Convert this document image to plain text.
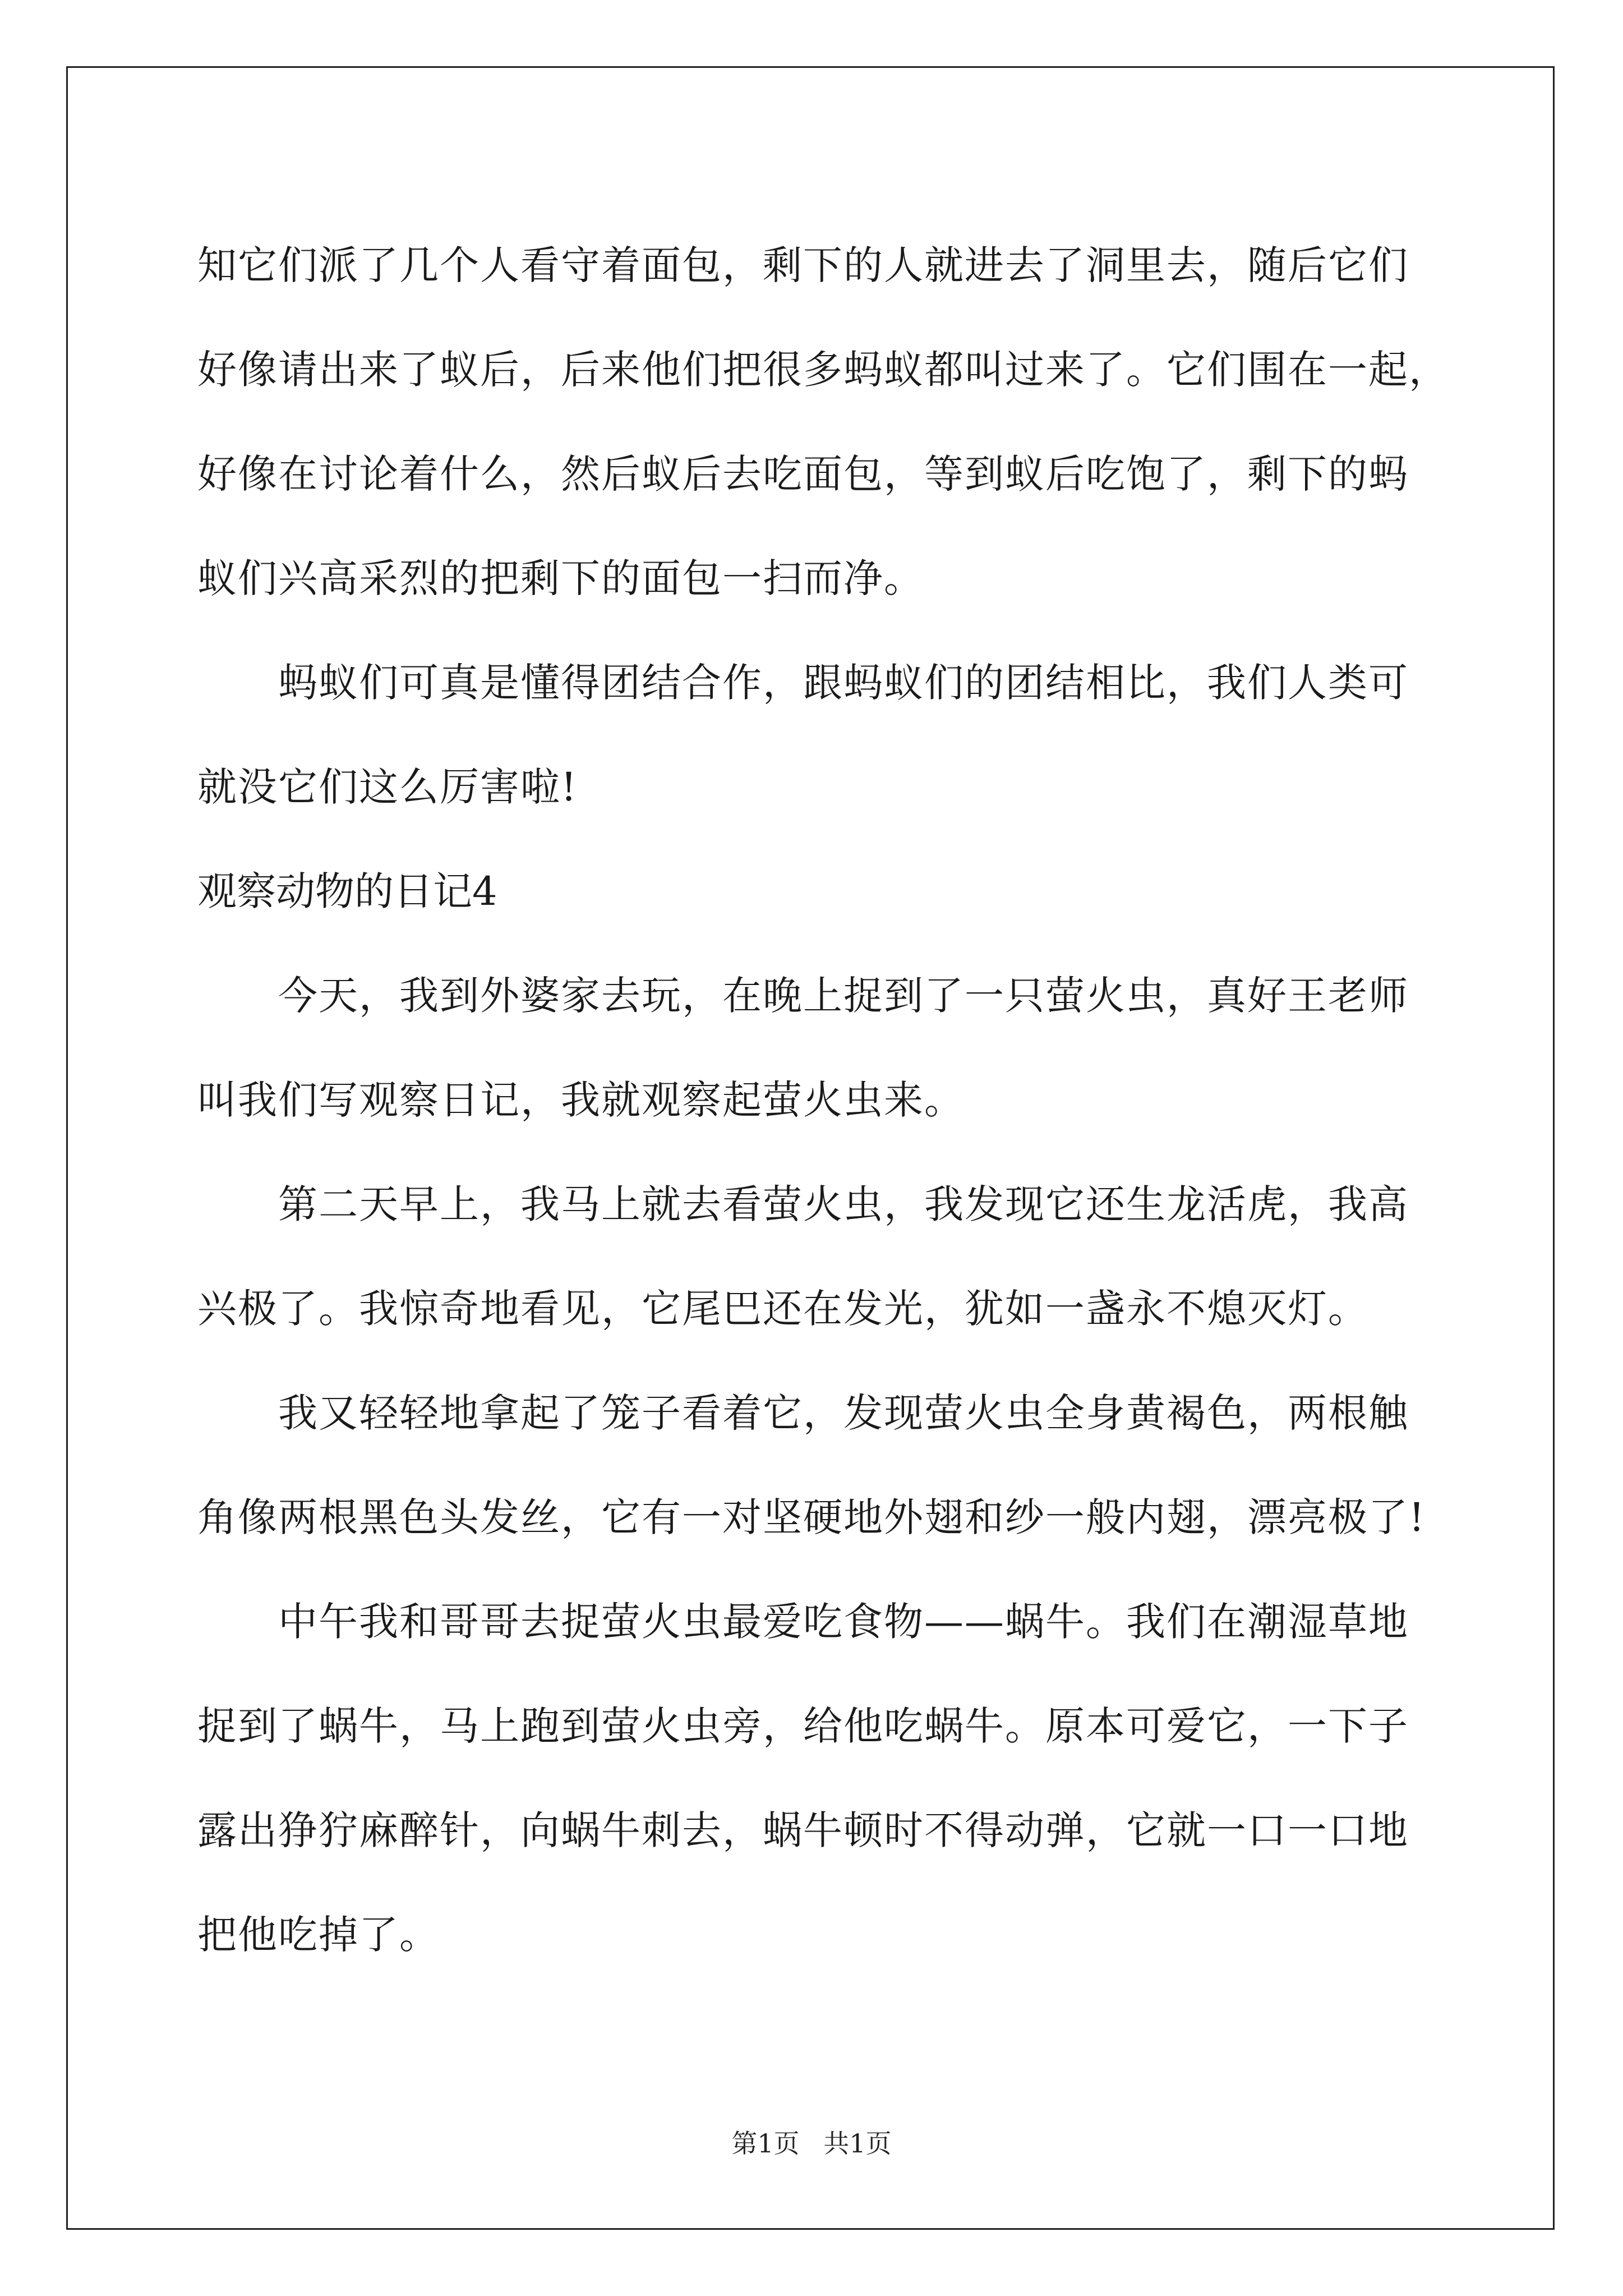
知它们派了几个人看守着面包，剩下的人就进去了洞里去，随后它们
好像请出来了蚁后，后来他们把很多蚂蚁都叫过来了。它们围在一起，
好像在讨论着什么，然后蚁后去吃面包，等到蚁后吃饱了，剩下的蚂
蚁们兴高采烈的把剩下的面包一扫而净。
蚂蚁们可真是懂得团结合作，跟蚂蚁们的团结相比，我们人类可
就没它们这么厉害啦!
观察动物的日记4
今天，我到外婆家去玩，在晚上捉到了一只萤火虫，真好王老师
叫我们写观察日记，我就观察起萤火虫来。
第二天早上，我马上就去看萤火虫，我发现它还生龙活虎，我高
兴极了。我惊奇地看见，它尾巴还在发光，犹如一盏永不熄灭灯。
我又轻轻地拿起了笼子看着它，发现萤火虫全身黄褐色，两根触
角像两根黑色头发丝，它有一对坚硬地外翅和纱一般内翅，漂亮极了!
中午我和哥哥去捉萤火虫最爱吃食物——蜗牛。我们在潮湿草地
捉到了蜗牛，马上跑到萤火虫旁，给他吃蜗牛。原本可爱它，一下子
露出狰狞麻醉针，向蜗牛刺去，蜗牛顿时不得动弹，它就一口一口地
把他吃掉了。
第1页 共1页
